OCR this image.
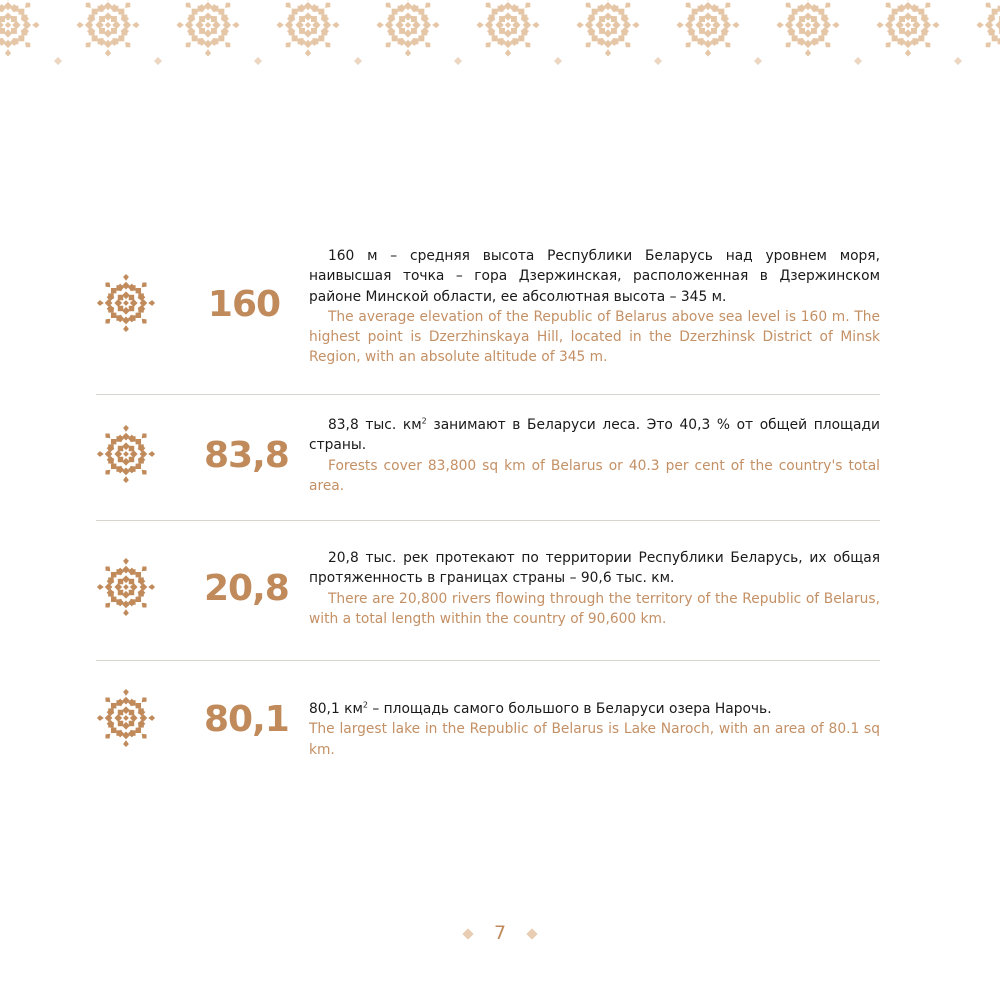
160

160 м – средняя высота Республики Беларусь над уровнем моря, наивысшая точка – гора Дзержинская, расположенная в Дзержинском районе Минской области, ее абсолютная высота – 345 м.

The average elevation of the Republic of Belarus above sea level is 160 m. The highest point is Dzerzhinskaya Hill, located in the Dzerzhinsk District of Minsk Region, with an absolute altitude of 345 m.

83,8

83,8 тыс. $км^2$ занимают в Беларуси леса. Это 40,3 % от общей площади страны.

Forests cover 83,800 sq km of Belarus or 40.3 per cent of the country's total area.

20,8

20,8 тыс. рек протекают по территории Республики Беларусь, их общая протяженность в границах страны – 90,6 тыс. км.

There are 20,800 rivers flowing through the territory of the Republic of Belarus, with a total length within the country of 90,600 km.

80,1 80,1 $км^2$ – площадь самого большого в Беларуси озера Нарочь.

The largest lake in the Republic of Belarus is Lake Naroch, with an area of 80.1 sq km.

7
